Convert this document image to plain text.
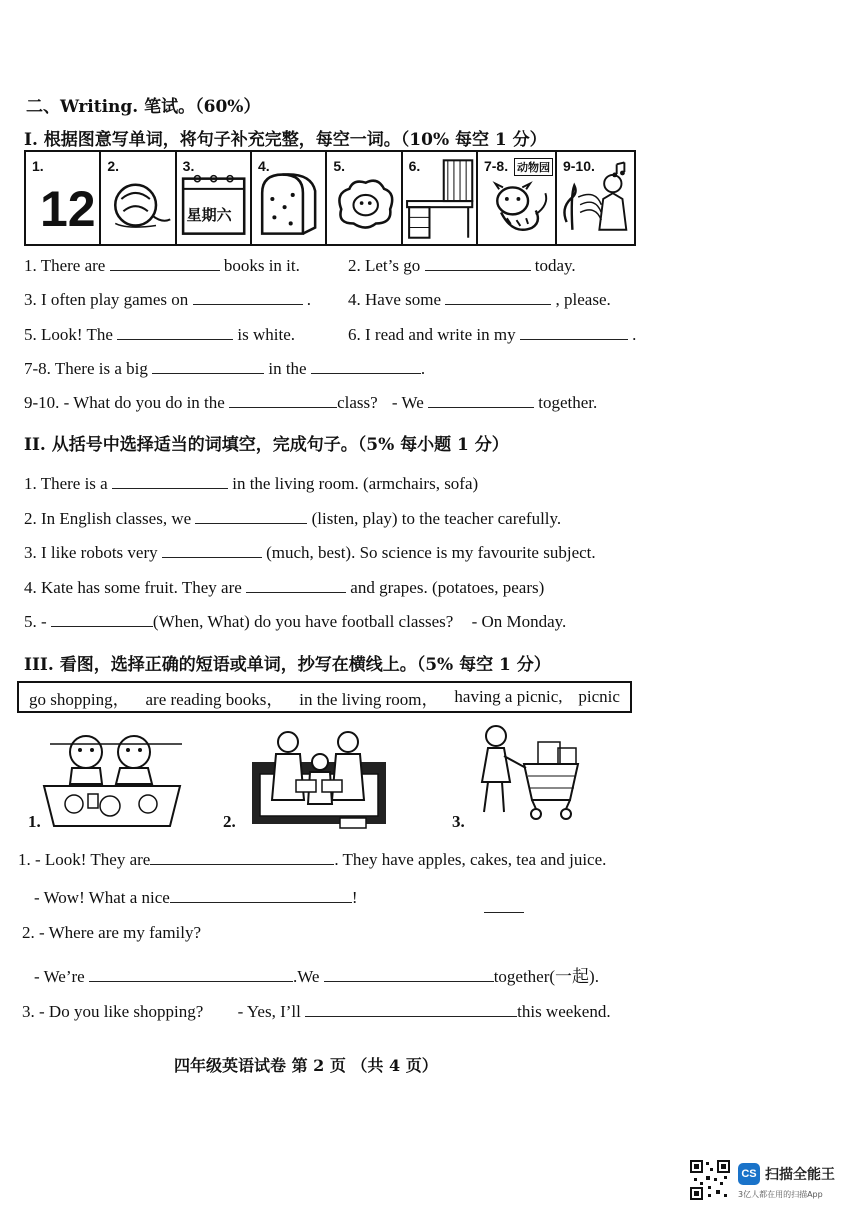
二、Writing. 笔试。（60%）
I. 根据图意写单词，将句子补充完整，每空一词。（10% 每空 1 分）
1.
12
2.	3.
星期六
4.	5.	6.	7-8. 动物园 9-10.
1. There are	books in it.	2. Let’s go	today.
3. I often play games on	. 4. Have some	, please.
5. Look! The	is white.	6. I read and write in my	.
7-8. There is a big	in the	.
9-10. - What do you do in the	class? - We	together.
II. 从括号中选择适当的词填空，完成句子。（5% 每小题 1 分）
1. There is a	in the living room. (armchairs, sofa)
2. In English classes, we	(listen, play) to the teacher carefully.
3. I like robots very	(much, best). So science is my favourite subject.
4. Kate has some fruit. They are	and grapes. (potatoes, pears)
5. -	(When, What) do you have football classes? - On Monday.
III. 看图，选择正确的短语或单词，抄写在横线上。（5% 每空 1 分）
go shopping， are reading books， in the living room， having a picnic, picnic
1.	2.	3.
1. - Look! They are	. They have apples, cakes, tea and juice.
- Wow! What a nice	!
2. - Where are my family?
- We’re	.We	together(一起).
3. - Do you like shopping? - Yes, I’ll	this weekend.
四年级英语试卷 第 2 页 （共 4 页）
CS 扫描全能王
3亿人都在用的扫描App
